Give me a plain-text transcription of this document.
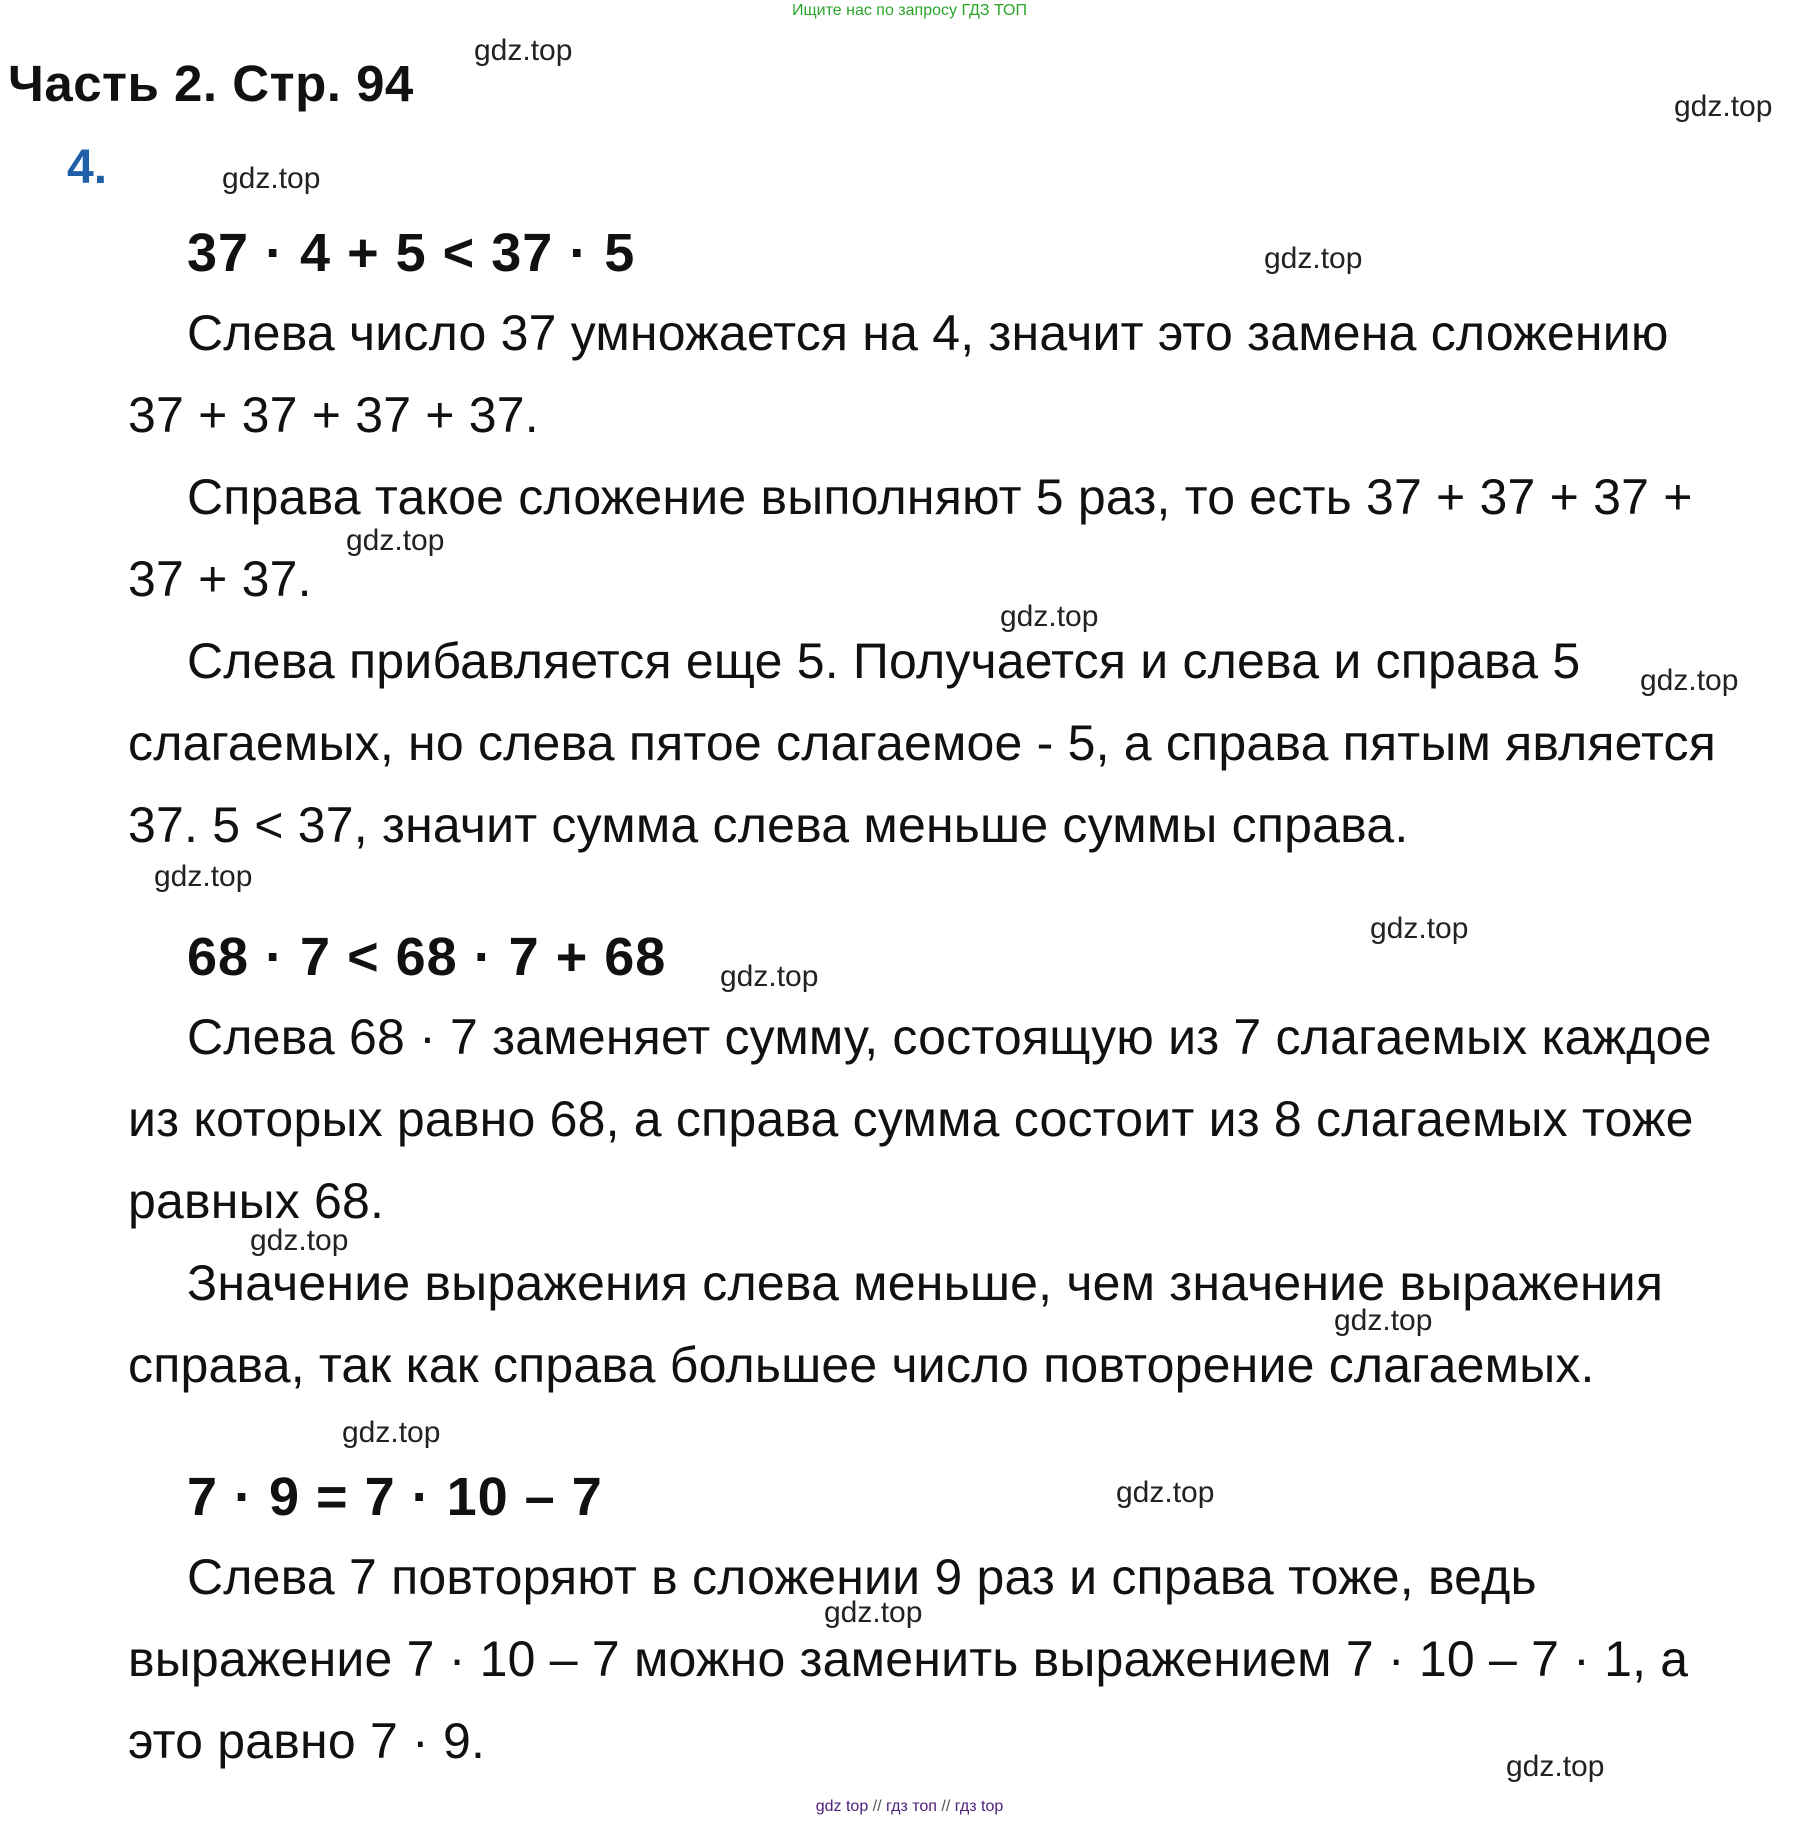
Ищите нас по запросу ГДЗ ТОП
Часть 2. Стр. 94
4.
37 · 4 + 5 < 37 · 5
Слева число 37 умножается на 4, значит это замена сложению
37 + 37 + 37 + 37.
Справа такое сложение выполняют 5 раз, то есть 37 + 37 + 37 +
37 + 37.
Слева прибавляется еще 5. Получается и слева и справа 5
слагаемых, но слева пятое слагаемое - 5, а справа пятым является
37. 5 < 37, значит сумма слева меньше суммы справа.
68 · 7 < 68 · 7 + 68
Слева 68 · 7 заменяет сумму, состоящую из 7 слагаемых каждое
из которых равно 68, а справа сумма состоит из 8 слагаемых тоже
равных 68.
Значение выражения слева меньше, чем значение выражения
справа, так как справа большее число повторение слагаемых.
7 · 9 = 7 · 10 – 7
Слева 7 повторяют в сложении 9 раз и справа тоже, ведь
выражение 7 · 10 – 7 можно заменить выражением 7 · 10 – 7 · 1, а
это равно 7 · 9.
gdz.top
gdz.top
gdz.top
gdz.top
gdz.top
gdz.top
gdz.top
gdz.top
gdz.top
gdz.top
gdz.top
gdz.top
gdz.top
gdz.top
gdz.top
gdz.top
gdz top // гдз топ // гдз top
